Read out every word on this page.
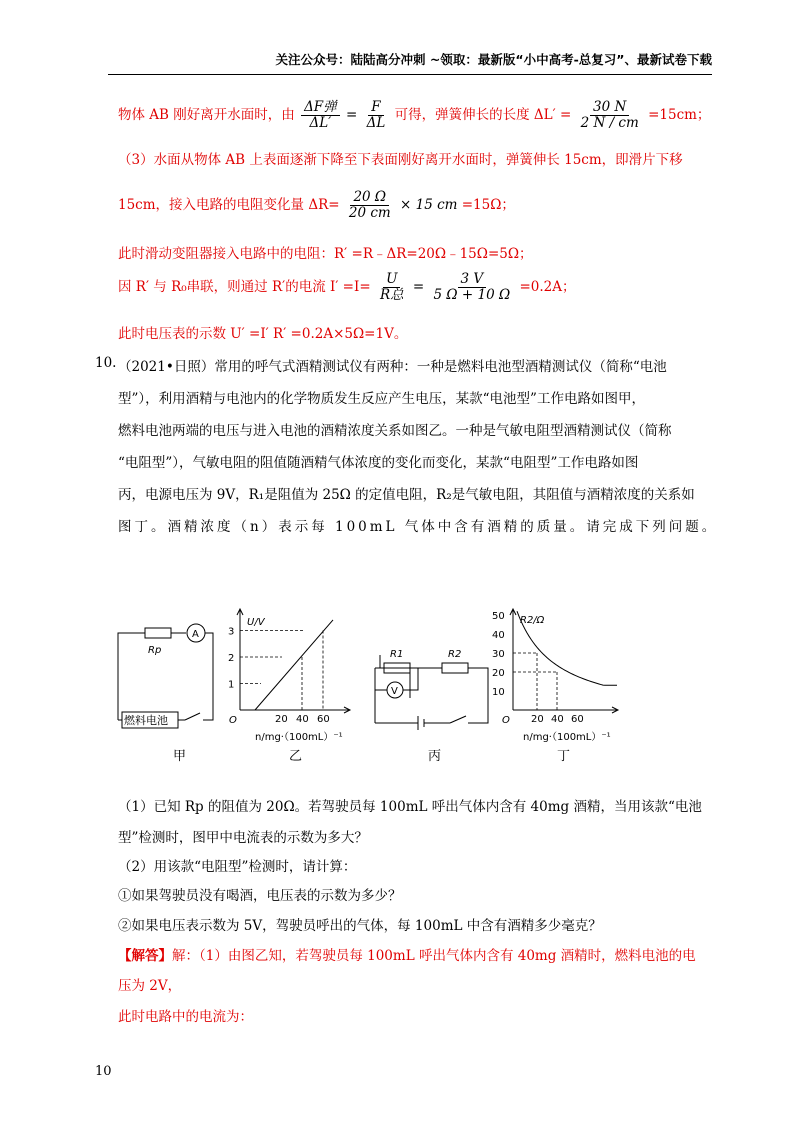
关注公众号：陆陆高分冲刺 ~领取：最新版“小中高考-总复习”、最新试卷下载
物体 AB 刚好离开水面时，由 $\frac{\text{ΔF弹}}{\Delta L'} = \frac{F}{\Delta L}$ 可得，弹簧伸长的长度 $\Delta L' = \frac{30 N}{2 N / cm} =15cm$；
（3）水面从物体 AB 上表面逐渐下降至下表面刚好离开水面时，弹簧伸长 15cm，即滑片下移
15cm，接入电路的电阻变化量 $\Delta R= \frac{20 \Omega}{20 cm} \times 15$ cm =15Ω；
此时滑动变阻器接入电路中的电阻：R′ =R﹣ΔR=20Ω﹣15Ω=5Ω；
因 R′ 与 R₀串联，则通过 R′的电流 $I' =I= \frac{U}{\text{R总}} = \frac{3 V}{5 \Omega + 10 \Omega} =0.2A$；
此时电压表的示数 U′ =I′ R′ =0.2A×5Ω=1V。
10. （2021•日照）常用的呼气式酒精测试仪有两种：一种是燃料电池型酒精测试仪（简称“电池
型”），利用酒精与电池内的化学物质发生反应产生电压，某款“电池型”工作电路如图甲，
燃料电池两端的电压与进入电池的酒精浓度关系如图乙。一种是气敏电阻型酒精测试仪（简称
“电阻型”），气敏电阻的阻值随酒精气体浓度的变化而变化，某款“电阻型”工作电路如图
丙，电源电压为 9V，R₁是阻值为 25Ω 的定值电阻，R₂是气敏电阻，其阻值与酒精浓度的关系如
图丁。酒精浓度（n）表示每 100mL 气体中含有酒精的质量。请完成下列问题。
A
燃料电池
Rp
U/V
O
1
2
3
20 40 60
n/mg·（100mL）⁻¹
V
R1	R2
R2/Ω
O
10
20
30
40
50
20 40 60
n/mg·（100mL）⁻¹
甲	乙	丙	丁
（1）已知 Rp 的阻值为 20Ω。若驾驶员每 100mL 呼出气体内含有 40mg 酒精，当用该款“电池
型”检测时，图甲中电流表的示数为多大？
（2）用该款“电阻型”检测时，请计算：
①如果驾驶员没有喝酒，电压表的示数为多少？
②如果电压表示数为 5V，驾驶员呼出的气体，每 100mL 中含有酒精多少毫克？
【解答】解：（1）由图乙知，若驾驶员每 100mL 呼出气体内含有 40mg 酒精时，燃料电池的电
压为 2V，
此时电路中的电流为：
10
